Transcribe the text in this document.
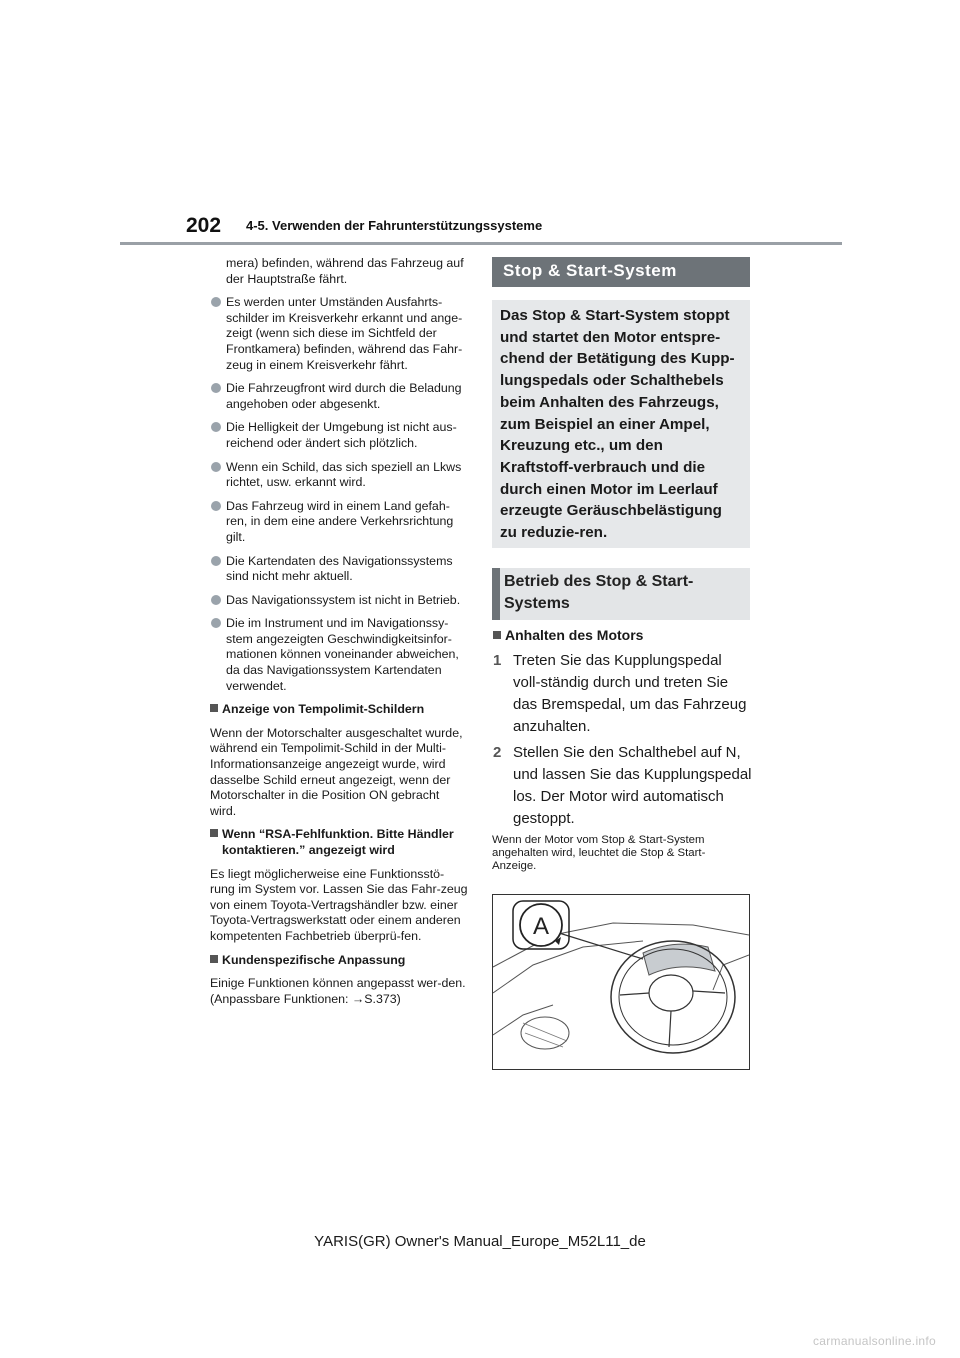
202 4-5. Verwenden der Fahrunterstützungssysteme

mera) befinden, während das Fahrzeug auf der Hauptstraße fährt.

Es werden unter Umständen Ausfahrts-schilder im Kreisverkehr erkannt und ange-zeigt (wenn sich diese im Sichtfeld der Frontkamera) befinden, während das Fahr-zeug in einem Kreisverkehr fährt.
Die Fahrzeugfront wird durch die Beladung angehoben oder abgesenkt.
Die Helligkeit der Umgebung ist nicht aus-reichend oder ändert sich plötzlich.
Wenn ein Schild, das sich speziell an Lkws richtet, usw. erkannt wird.
Das Fahrzeug wird in einem Land gefah-ren, in dem eine andere Verkehrsrichtung gilt.
Die Kartendaten des Navigationssystems sind nicht mehr aktuell.
Das Navigationssystem ist nicht in Betrieb.
Die im Instrument und im Navigationssy-stem angezeigten Geschwindigkeitsinfor-mationen können voneinander abweichen, da das Navigationssystem Kartendaten verwendet.

Anzeige von Tempolimit-Schildern

Wenn der Motorschalter ausgeschaltet wurde, während ein Tempolimit-Schild in der Multi-Informationsanzeige angezeigt wurde, wird dasselbe Schild erneut angezeigt, wenn der Motorschalter in die Position ON gebracht wird.

Wenn “RSA-Fehlfunktion. Bitte Händler kontaktieren.” angezeigt wird

Es liegt möglicherweise eine Funktionsstö-rung im System vor. Lassen Sie das Fahr-zeug von einem Toyota-Vertragshändler bzw. einer Toyota-Vertragswerkstatt oder einem anderen kompetenten Fachbetrieb überprü-fen.

Kundenspezifische Anpassung

Einige Funktionen können angepasst wer-den. (Anpassbare Funktionen: →S.373)

Stop & Start-System
Das Stop & Start-System stoppt und startet den Motor entspre-chend der Betätigung des Kupp-lungspedals oder Schalthebels beim Anhalten des Fahrzeugs, zum Beispiel an einer Ampel, Kreuzung etc., um den Kraftstoff-verbrauch und die durch einen Motor im Leerlauf erzeugte Geräuschbelästigung zu reduzie-ren.
Betrieb des Stop & Start-Systems
Anhalten des Motors
1 Treten Sie das Kupplungspedal voll-ständig durch und treten Sie das Bremspedal, um das Fahrzeug anzuhalten.
2 Stellen Sie den Schalthebel auf N, und lassen Sie das Kupplungspedal los. Der Motor wird automatisch gestoppt.
Wenn der Motor vom Stop & Start-System angehalten wird, leuchtet die Stop & Start-Anzeige.
A
YARIS(GR) Owner's Manual_Europe_M52L11_de
carmanualsonline.info
